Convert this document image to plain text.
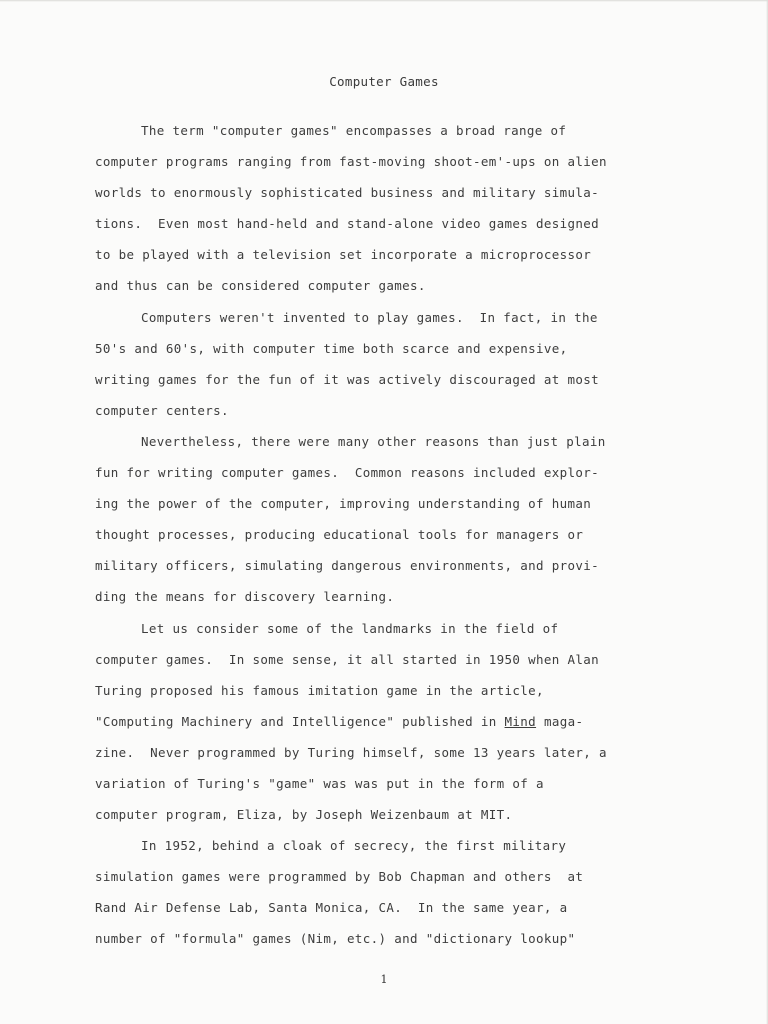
Computer Games
The term "computer games" encompasses a broad range of
computer programs ranging from fast-moving shoot-em'-ups on alien
worlds to enormously sophisticated business and military simula-
tions.  Even most hand-held and stand-alone video games designed
to be played with a television set incorporate a microprocessor
and thus can be considered computer games.
Computers weren't invented to play games.  In fact, in the
50's and 60's, with computer time both scarce and expensive,
writing games for the fun of it was actively discouraged at most
computer centers.
Nevertheless, there were many other reasons than just plain
fun for writing computer games.  Common reasons included explor-
ing the power of the computer, improving understanding of human
thought processes, producing educational tools for managers or
military officers, simulating dangerous environments, and provi-
ding the means for discovery learning.
Let us consider some of the landmarks in the field of
computer games.  In some sense, it all started in 1950 when Alan
Turing proposed his famous imitation game in the article,
"Computing Machinery and Intelligence" published in Mind maga-
zine.  Never programmed by Turing himself, some 13 years later, a
variation of Turing's "game" was was put in the form of a
computer program, Eliza, by Joseph Weizenbaum at MIT.
In 1952, behind a cloak of secrecy, the first military
simulation games were programmed by Bob Chapman and others  at
Rand Air Defense Lab, Santa Monica, CA.  In the same year, a
number of "formula" games (Nim, etc.) and "dictionary lookup"
1
